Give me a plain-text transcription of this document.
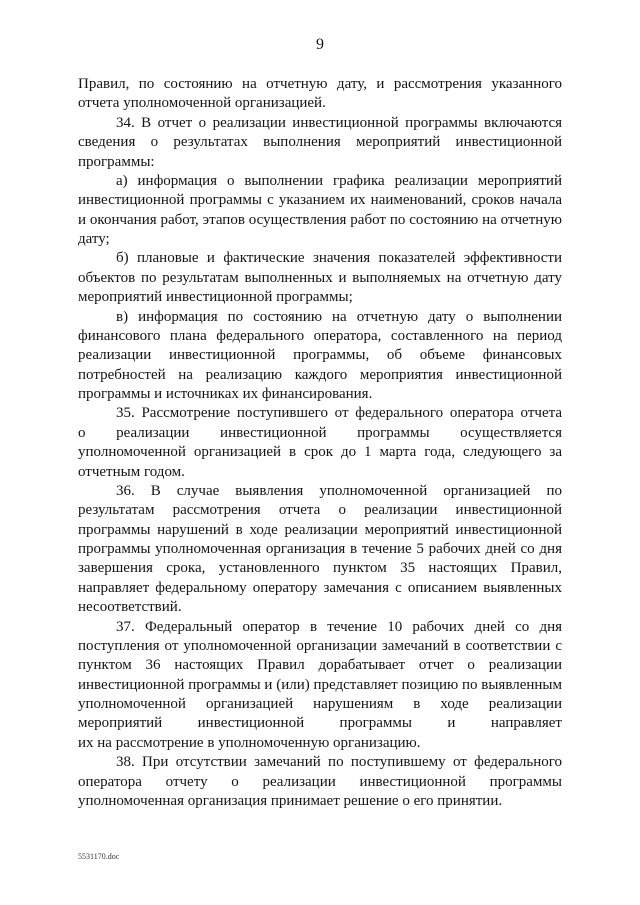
9
Правил, по состоянию на отчетную дату, и рассмотрения указанного
отчета уполномоченной организацией.
34. В отчет о реализации инвестиционной программы включаются
сведения о результатах выполнения мероприятий инвестиционной
программы:
а) информация о выполнении графика реализации мероприятий
инвестиционной программы с указанием их наименований, сроков начала
и окончания работ, этапов осуществления работ по состоянию на отчетную
дату;
б) плановые и фактические значения показателей эффективности
объектов по результатам выполненных и выполняемых на отчетную дату
мероприятий инвестиционной программы;
в) информация по состоянию на отчетную дату о выполнении
финансового плана федерального оператора, составленного на период
реализации инвестиционной программы, об объеме финансовых
потребностей на реализацию каждого мероприятия инвестиционной
программы и источниках их финансирования.
35. Рассмотрение поступившего от федерального оператора отчета
о реализации инвестиционной программы осуществляется
уполномоченной организацией в срок до 1 марта года, следующего за
отчетным годом.
36. В случае выявления уполномоченной организацией по
результатам рассмотрения отчета о реализации инвестиционной
программы нарушений в ходе реализации мероприятий инвестиционной
программы уполномоченная организация в течение 5 рабочих дней со дня
завершения срока, установленного пунктом 35 настоящих Правил,
направляет федеральному оператору замечания с описанием выявленных
несоответствий.
37. Федеральный оператор в течение 10 рабочих дней со дня
поступления от уполномоченной организации замечаний в соответствии с
пунктом 36 настоящих Правил дорабатывает отчет о реализации
инвестиционной программы и (или) представляет позицию по выявленным
уполномоченной организацией нарушениям в ходе реализации
мероприятий инвестиционной программы и направляет
их на рассмотрение в уполномоченную организацию.
38. При отсутствии замечаний по поступившему от федерального
оператора отчету о реализации инвестиционной программы
уполномоченная организация принимает решение о его принятии.
5531170.doc
